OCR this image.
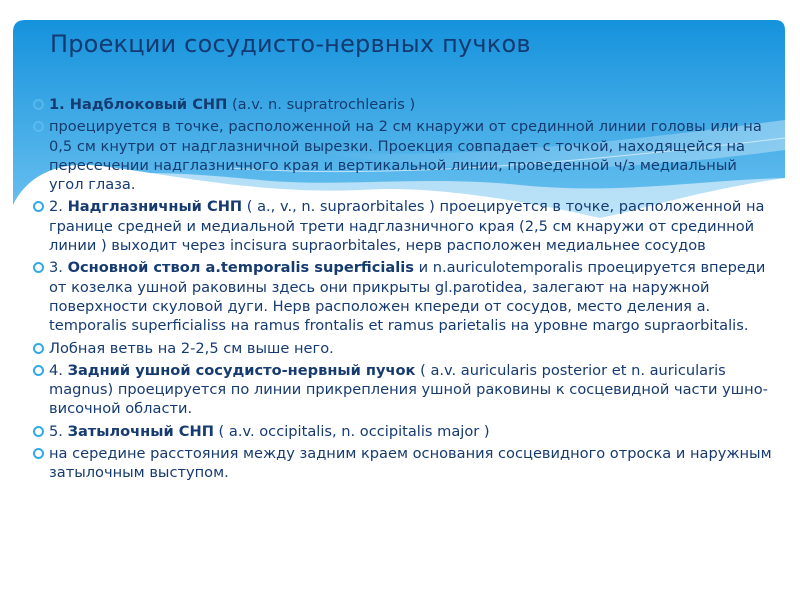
Проекции сосудисто-нервных пучков
1. Надблоковый СНП (a.v. n. supratrochlearis )
проецируется в точке, расположенной на 2 см кнаружи от срединной линии головы или на 0,5 см кнутри от надглазничной вырезки. Проекция совпадает с точкой, находящейся на пересечении надглазничного края и вертикальной линии, проведенной ч/з медиальный угол глаза.
2. Надглазничный СНП ( a., v., n. supraorbitales ) проецируется в точке, расположенной на границе средней и медиальной трети надглазничного края (2,5 см кнаружи от срединной линии ) выходит через incisura supraorbitales, нерв расположен медиальнее сосудов
3. Основной ствол a.temporalis superficialis и n.auriculotemporalis проецируется впереди от козелка ушной раковины здесь они прикрыты gl.parotidea, залегают на наружной поверхности скуловой дуги. Нерв расположен кпереди от сосудов, место деления a. temporalis superficialiss на ramus frontalis et ramus parietalis на уровне margo supraorbitalis.
Лобная ветвь на 2-2,5 см выше него.
4. Задний ушной сосудисто-нервный пучок ( a.v. auricularis posterior et n. auricularis magnus) проецируется по линии прикрепления ушной раковины к сосцевидной части ушно- височной области.
5. Затылочный СНП ( a.v. occipitalis, n. occipitalis major )
на середине расстояния между задним краем основания сосцевидного отроска и наружным затылочным выступом.
